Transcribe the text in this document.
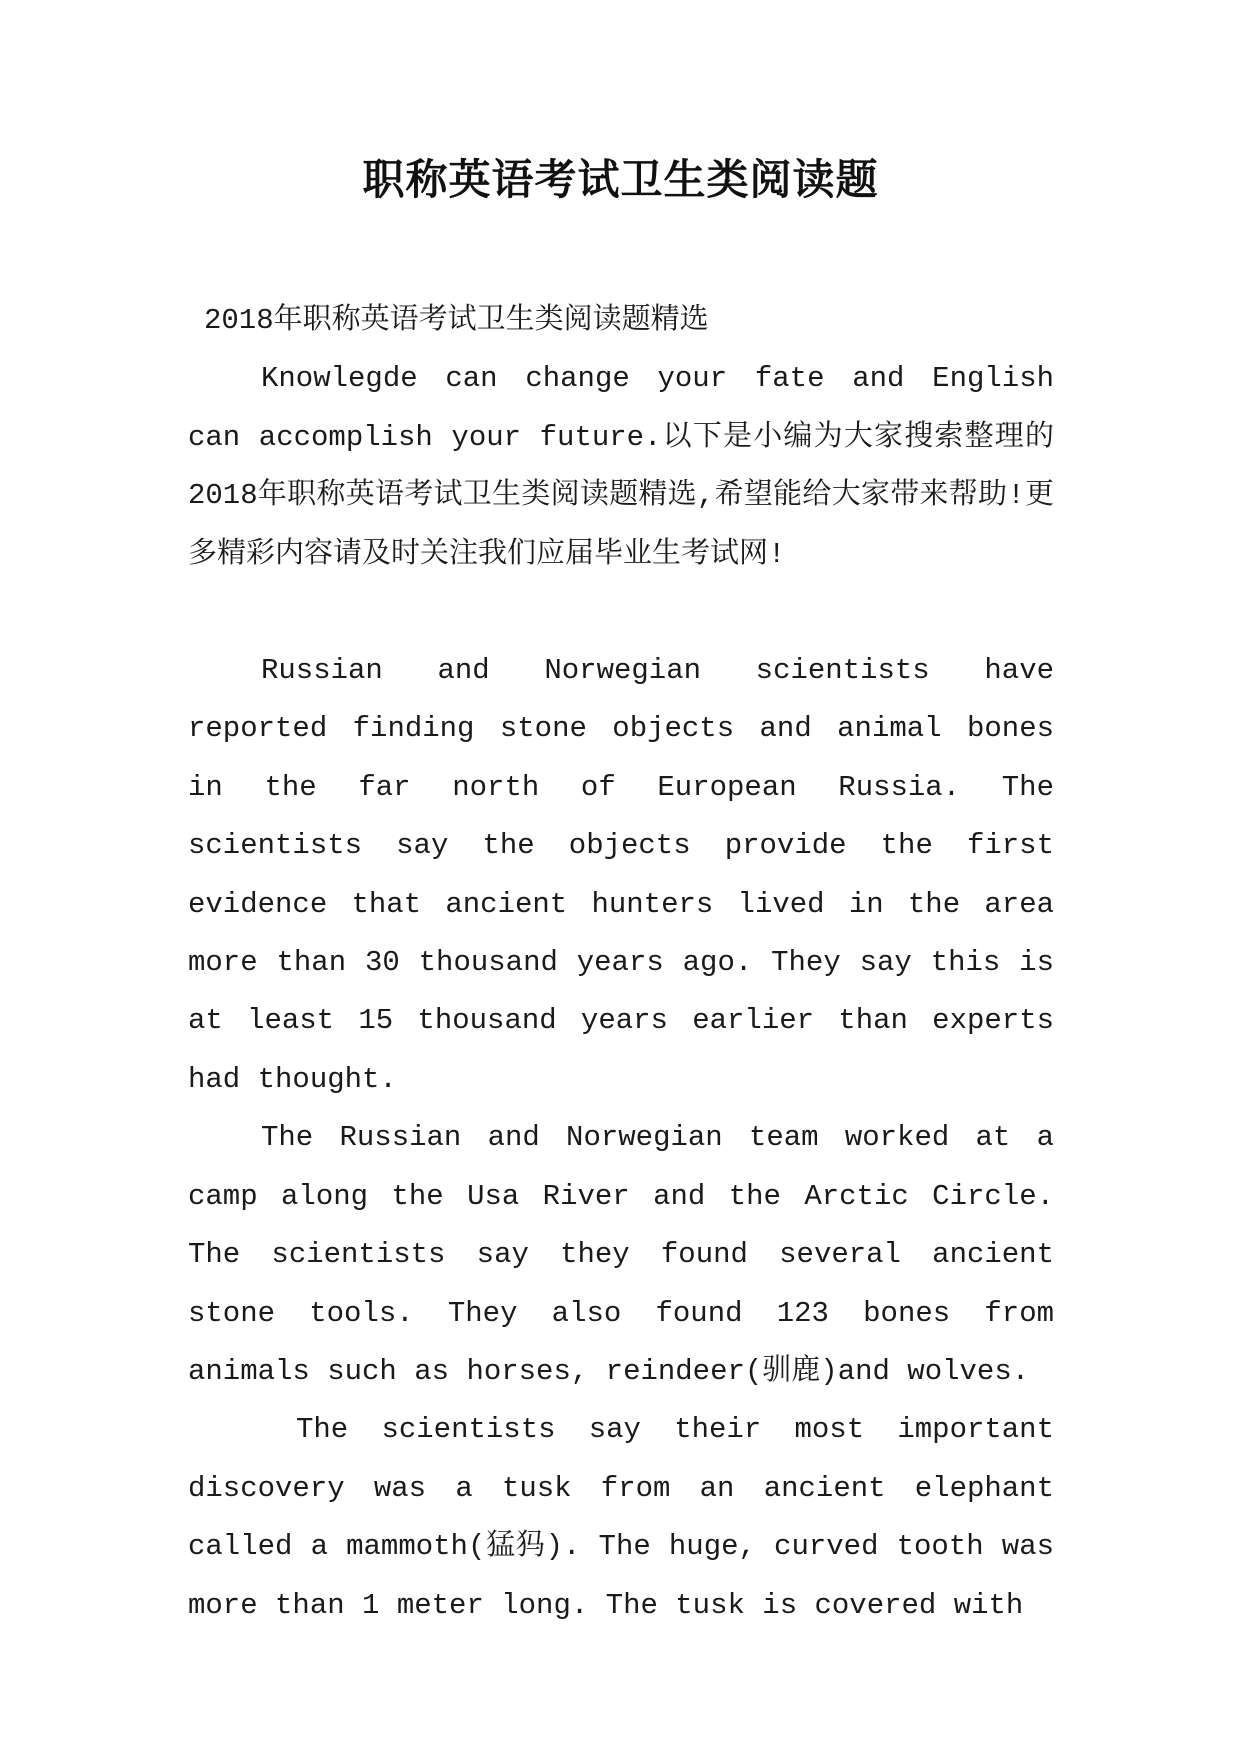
职称英语考试卫生类阅读题

2018年职称英语考试卫生类阅读题精选

Knowlegde can change your fate and English can accomplish your future.以下是小编为大家搜索整理的2018年职称英语考试卫生类阅读题精选,希望能给大家带来帮助!更多精彩内容请及时关注我们应届毕业生考试网!

Russian and Norwegian scientists have reported finding stone objects and animal bones in the far north of European Russia. The scientists say the objects provide the first evidence that ancient hunters lived in the area more than 30 thousand years ago. They say this is at least 15 thousand years earlier than experts had thought.

The Russian and Norwegian team worked at a camp along the Usa River and the Arctic Circle. The scientists say they found several ancient stone tools. They also found 123 bones from animals such as horses, reindeer(驯鹿)and wolves.

The scientists say their most important discovery was a tusk from an ancient elephant called a mammoth(猛犸). The huge, curved tooth was more than 1 meter long. The tusk is covered with
